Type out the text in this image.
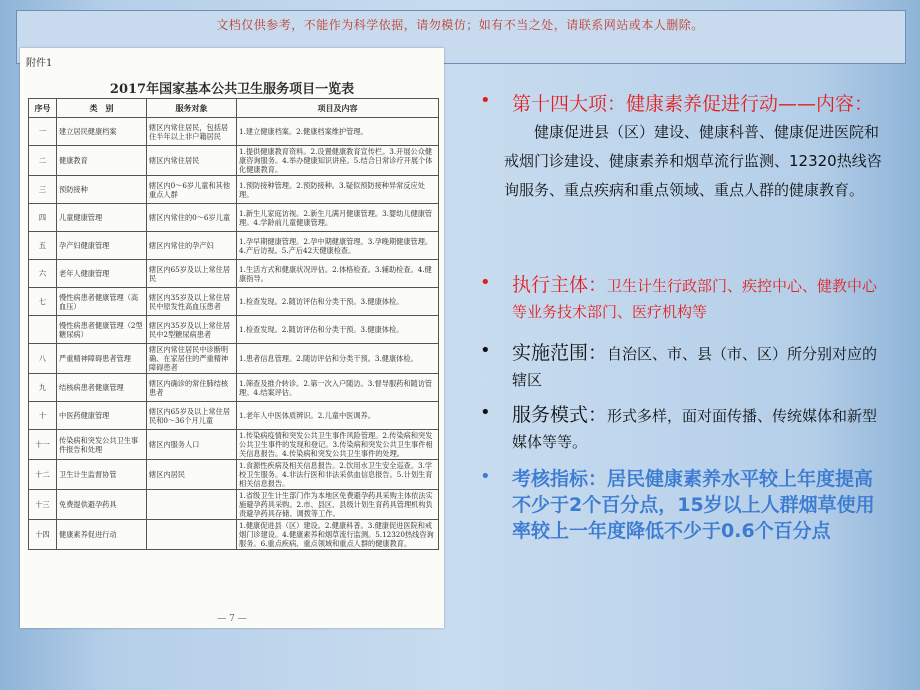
文档仅供参考，不能作为科学依据，请勿模仿；如有不当之处，请联系网站或本人删除。
附件1
2017年国家基本公共卫生服务项目一览表
序号	类　别	服务对象	项目及内容
一	建立居民健康档案	辖区内常住居民，包括居住半年以上非户籍居民	1.建立健康档案。2.健康档案维护管理。
二	健康教育	辖区内常住居民	1.提供健康教育资料。2.设置健康教育宣传栏。3.开展公众健康咨询服务。4.举办健康知识讲座。5.结合日常诊疗开展个体化健康教育。
三	预防接种	辖区内0～6岁儿童和其他重点人群	1.预防接种管理。2.预防接种。3.疑似预防接种异常反应处理。
四	儿童健康管理	辖区内常住的0～6岁儿童	1.新生儿家庭访视。2.新生儿满月健康管理。3.婴幼儿健康管理。4.学龄前儿童健康管理。
五	孕产妇健康管理	辖区内常住的孕产妇	1.孕早期健康管理。2.孕中期健康管理。3.孕晚期健康管理。4.产后访视。5.产后42天健康检查。
六	老年人健康管理	辖区内65岁及以上常住居民	1.生活方式和健康状况评估。2.体格检查。3.辅助检查。4.健康指导。
七	慢性病患者健康管理（高血压）	辖区内35岁及以上常住居民中原发性高血压患者	1.检查发现。2.随访评估和分类干预。3.健康体检。
	慢性病患者健康管理（2型糖尿病）	辖区内35岁及以上常住居民中2型糖尿病患者	1.检查发现。2.随访评估和分类干预。3.健康体检。
八	严重精神障碍患者管理	辖区内常住居民中诊断明确、在家居住的严重精神障碍患者	1.患者信息管理。2.随访评估和分类干预。3.健康体检。
九	结核病患者健康管理	辖区内确诊的常住肺结核患者	1.筛查及推介转诊。2.第一次入户随访。3.督导服药和随访管理。4.结案评估。
十	中医药健康管理	辖区内65岁及以上常住居民和0～36个月儿童	1.老年人中医体质辨识。2.儿童中医调养。
十一	传染病和突发公共卫生事件报告和处理	辖区内服务人口	1.传染病疫情和突发公共卫生事件风险管理。2.传染病和突发公共卫生事件的发现和登记。3.传染病和突发公共卫生事件相关信息报告。4.传染病和突发公共卫生事件的处理。
十二	卫生计生监督协管	辖区内居民	1.食源性疾病及相关信息报告。2.饮用水卫生安全巡查。3.学校卫生服务。4.非法行医和非法采供血信息报告。5.计划生育相关信息报告。
十三	免费提供避孕药具		1.省级卫生计生部门作为本地区免费避孕药具采购主体依法实施避孕药具采购。2.市、县区、县级计划生育药具管理机构负责避孕药具存储、调拨等工作。
十四	健康素养促进行动		1.健康促进县（区）建设。2.健康科普。3.健康促进医院和戒烟门诊建设。4.健康素养和烟草流行监测。5.12320热线咨询服务。6.重点疾病、重点领域和重点人群的健康教育。
— 7 —
• 第十四大项：健康素养促进行动——内容：
健康促进县（区）建设、健康科普、健康促进医院和戒烟门诊建设、健康素养和烟草流行监测、12320热线咨询服务、重点疾病和重点领域、重点人群的健康教育。
• 执行主体：卫生计生行政部门、疾控中心、健教中心等业务技术部门、医疗机构等
• 实施范围：自治区、市、县（市、区）所分别对应的辖区
• 服务模式：形式多样，面对面传播、传统媒体和新型媒体等等。
• 考核指标：居民健康素养水平较上年度提高不少于2个百分点，15岁以上人群烟草使用率较上一年度降低不少于0.6个百分点
